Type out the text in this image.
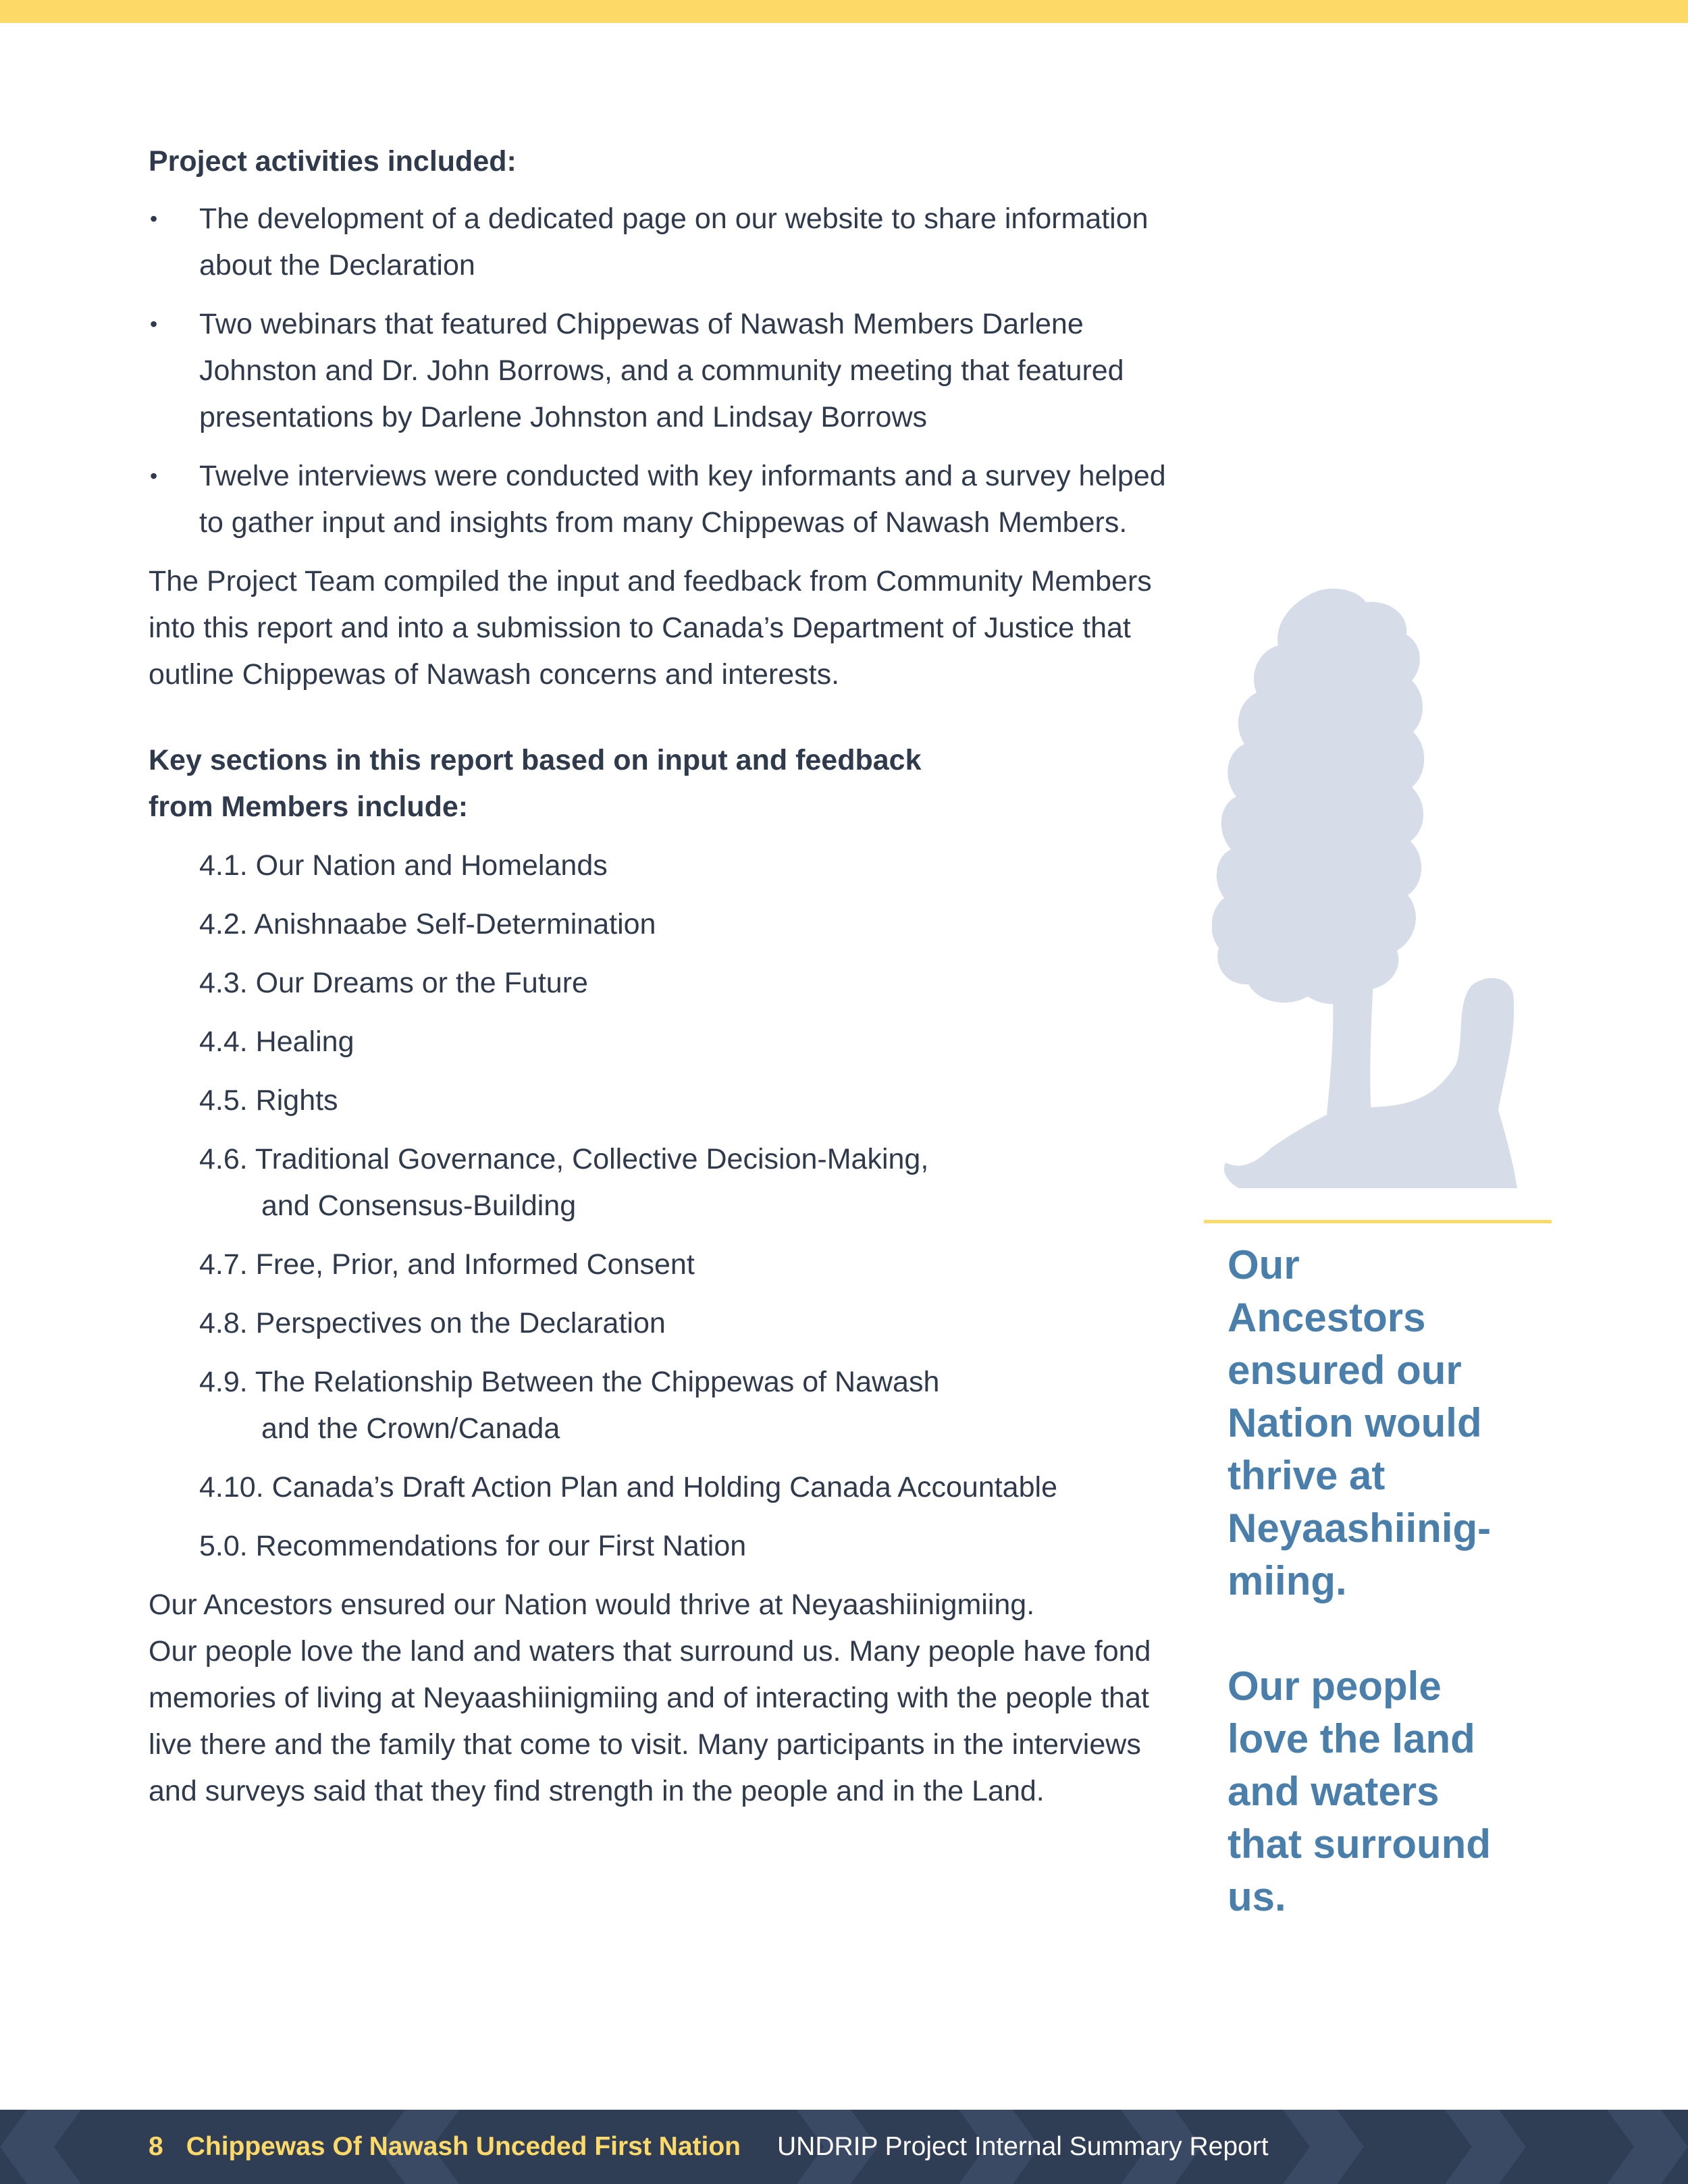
Project activities included:

• The development of a dedicated page on our website to share information about the Declaration
• Two webinars that featured Chippewas of Nawash Members Darlene Johnston and Dr. John Borrows, and a community meeting that featured presentations by Darlene Johnston and Lindsay Borrows
• Twelve interviews were conducted with key informants and a survey helped to gather input and insights from many Chippewas of Nawash Members.

The Project Team compiled the input and feedback from Community Members into this report and into a submission to Canada’s Department of Justice that outline Chippewas of Nawash concerns and interests.

Key sections in this report based on input and feedback
from Members include:

4.1. Our Nation and Homelands
4.2. Anishnaabe Self-Determination
4.3. Our Dreams or the Future
4.4. Healing
4.5. Rights
4.6. Traditional Governance, Collective Decision-Making,
and Consensus-Building
4.7. Free, Prior, and Informed Consent
4.8. Perspectives on the Declaration
4.9. The Relationship Between the Chippewas of Nawash
and the Crown/Canada
4.10. Canada’s Draft Action Plan and Holding Canada Accountable
5.0. Recommendations for our First Nation

Our Ancestors ensured our Nation would thrive at Neyaashiinigmiing.
Our people love the land and waters that surround us. Many people have fond memories of living at Neyaashiinigmiing and of interacting with the people that live there and the family that come to visit. Many participants in the interviews and surveys said that they find strength in the people and in the Land.

Our
Ancestors
ensured our
Nation would
thrive at
Neyaashiinig-
miing.

Our people
love the land
and waters
that surround
us.

8 Chippewas Of Nawash Unceded First Nation UNDRIP Project Internal Summary Report
